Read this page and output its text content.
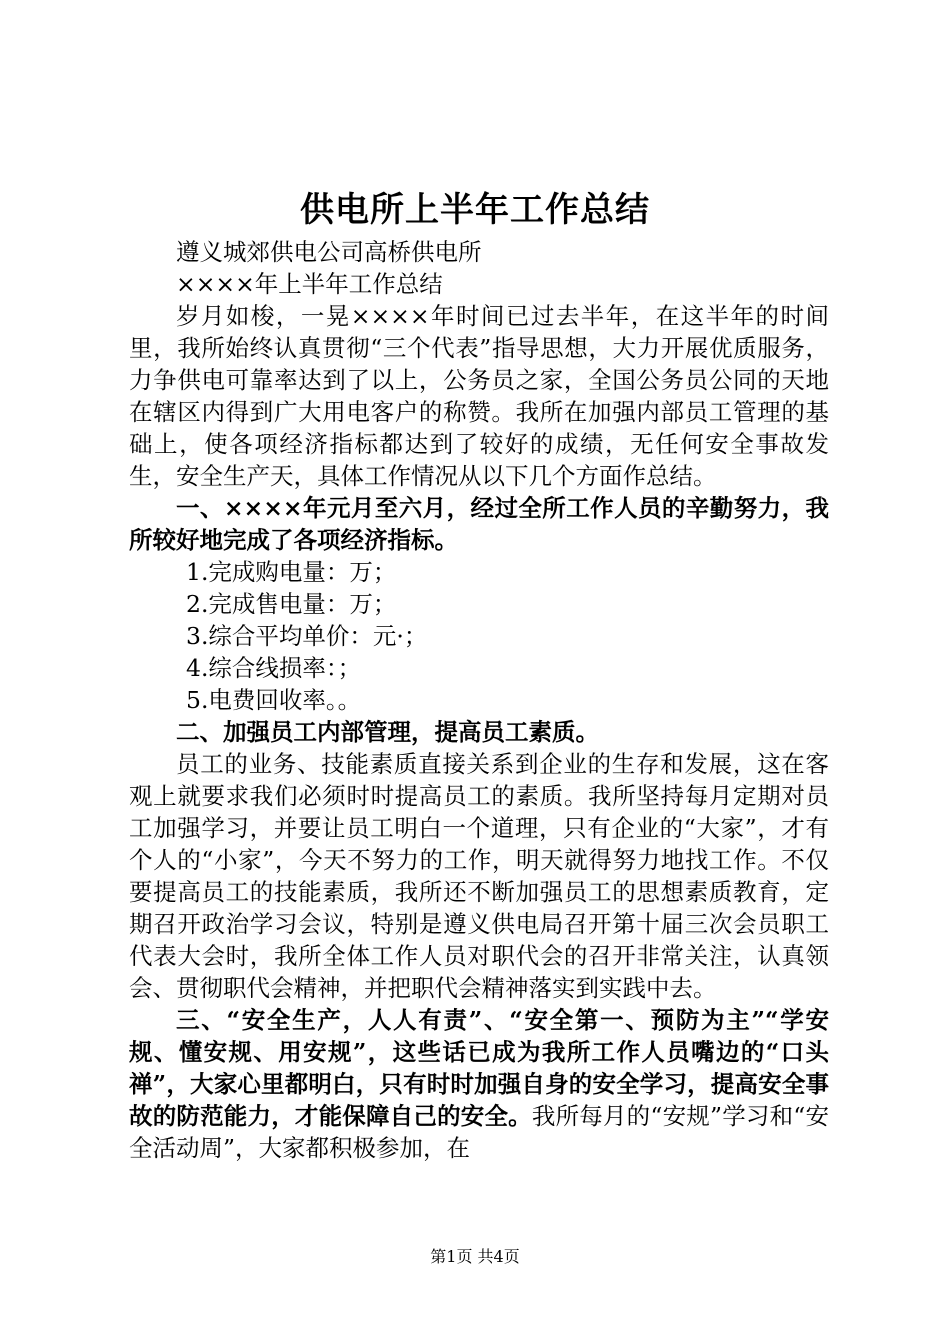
供电所上半年工作总结

遵义城郊供电公司高桥供电所

××××年上半年工作总结

岁月如梭，一晃××××年时间已过去半年，在这半年的时间里，我所始终认真贯彻“三个代表”指导思想，大力开展优质服务，力争供电可靠率达到了以上，公务员之家，全国公务员公同的天地在辖区内得到广大用电客户的称赞。我所在加强内部员工管理的基础上，使各项经济指标都达到了较好的成绩，无任何安全事故发生，安全生产天，具体工作情况从以下几个方面作总结。

一、××××年元月至六月，经过全所工作人员的辛勤努力，我所较好地完成了各项经济指标。

1.完成购电量：万；

2.完成售电量：万；

3.综合平均单价：元·；

4.综合线损率：；

5.电费回收率。。

二、加强员工内部管理，提高员工素质。

员工的业务、技能素质直接关系到企业的生存和发展，这在客观上就要求我们必须时时提高员工的素质。我所坚持每月定期对员工加强学习，并要让员工明白一个道理，只有企业的“大家”，才有个人的“小家”，今天不努力的工作，明天就得努力地找工作。不仅要提高员工的技能素质，我所还不断加强员工的思想素质教育，定期召开政治学习会议，特别是遵义供电局召开第十届三次会员职工代表大会时，我所全体工作人员对职代会的召开非常关注，认真领会、贯彻职代会精神，并把职代会精神落实到实践中去。

三、“安全生产，人人有责”、“安全第一、预防为主”“学安规、懂安规、用安规”，这些话已成为我所工作人员嘴边的“口头禅”，大家心里都明白，只有时时加强自身的安全学习，提高安全事故的防范能力，才能保障自己的安全。我所每月的“安规”学习和“安全活动周”，大家都积极参加，在

第1页 共4页
